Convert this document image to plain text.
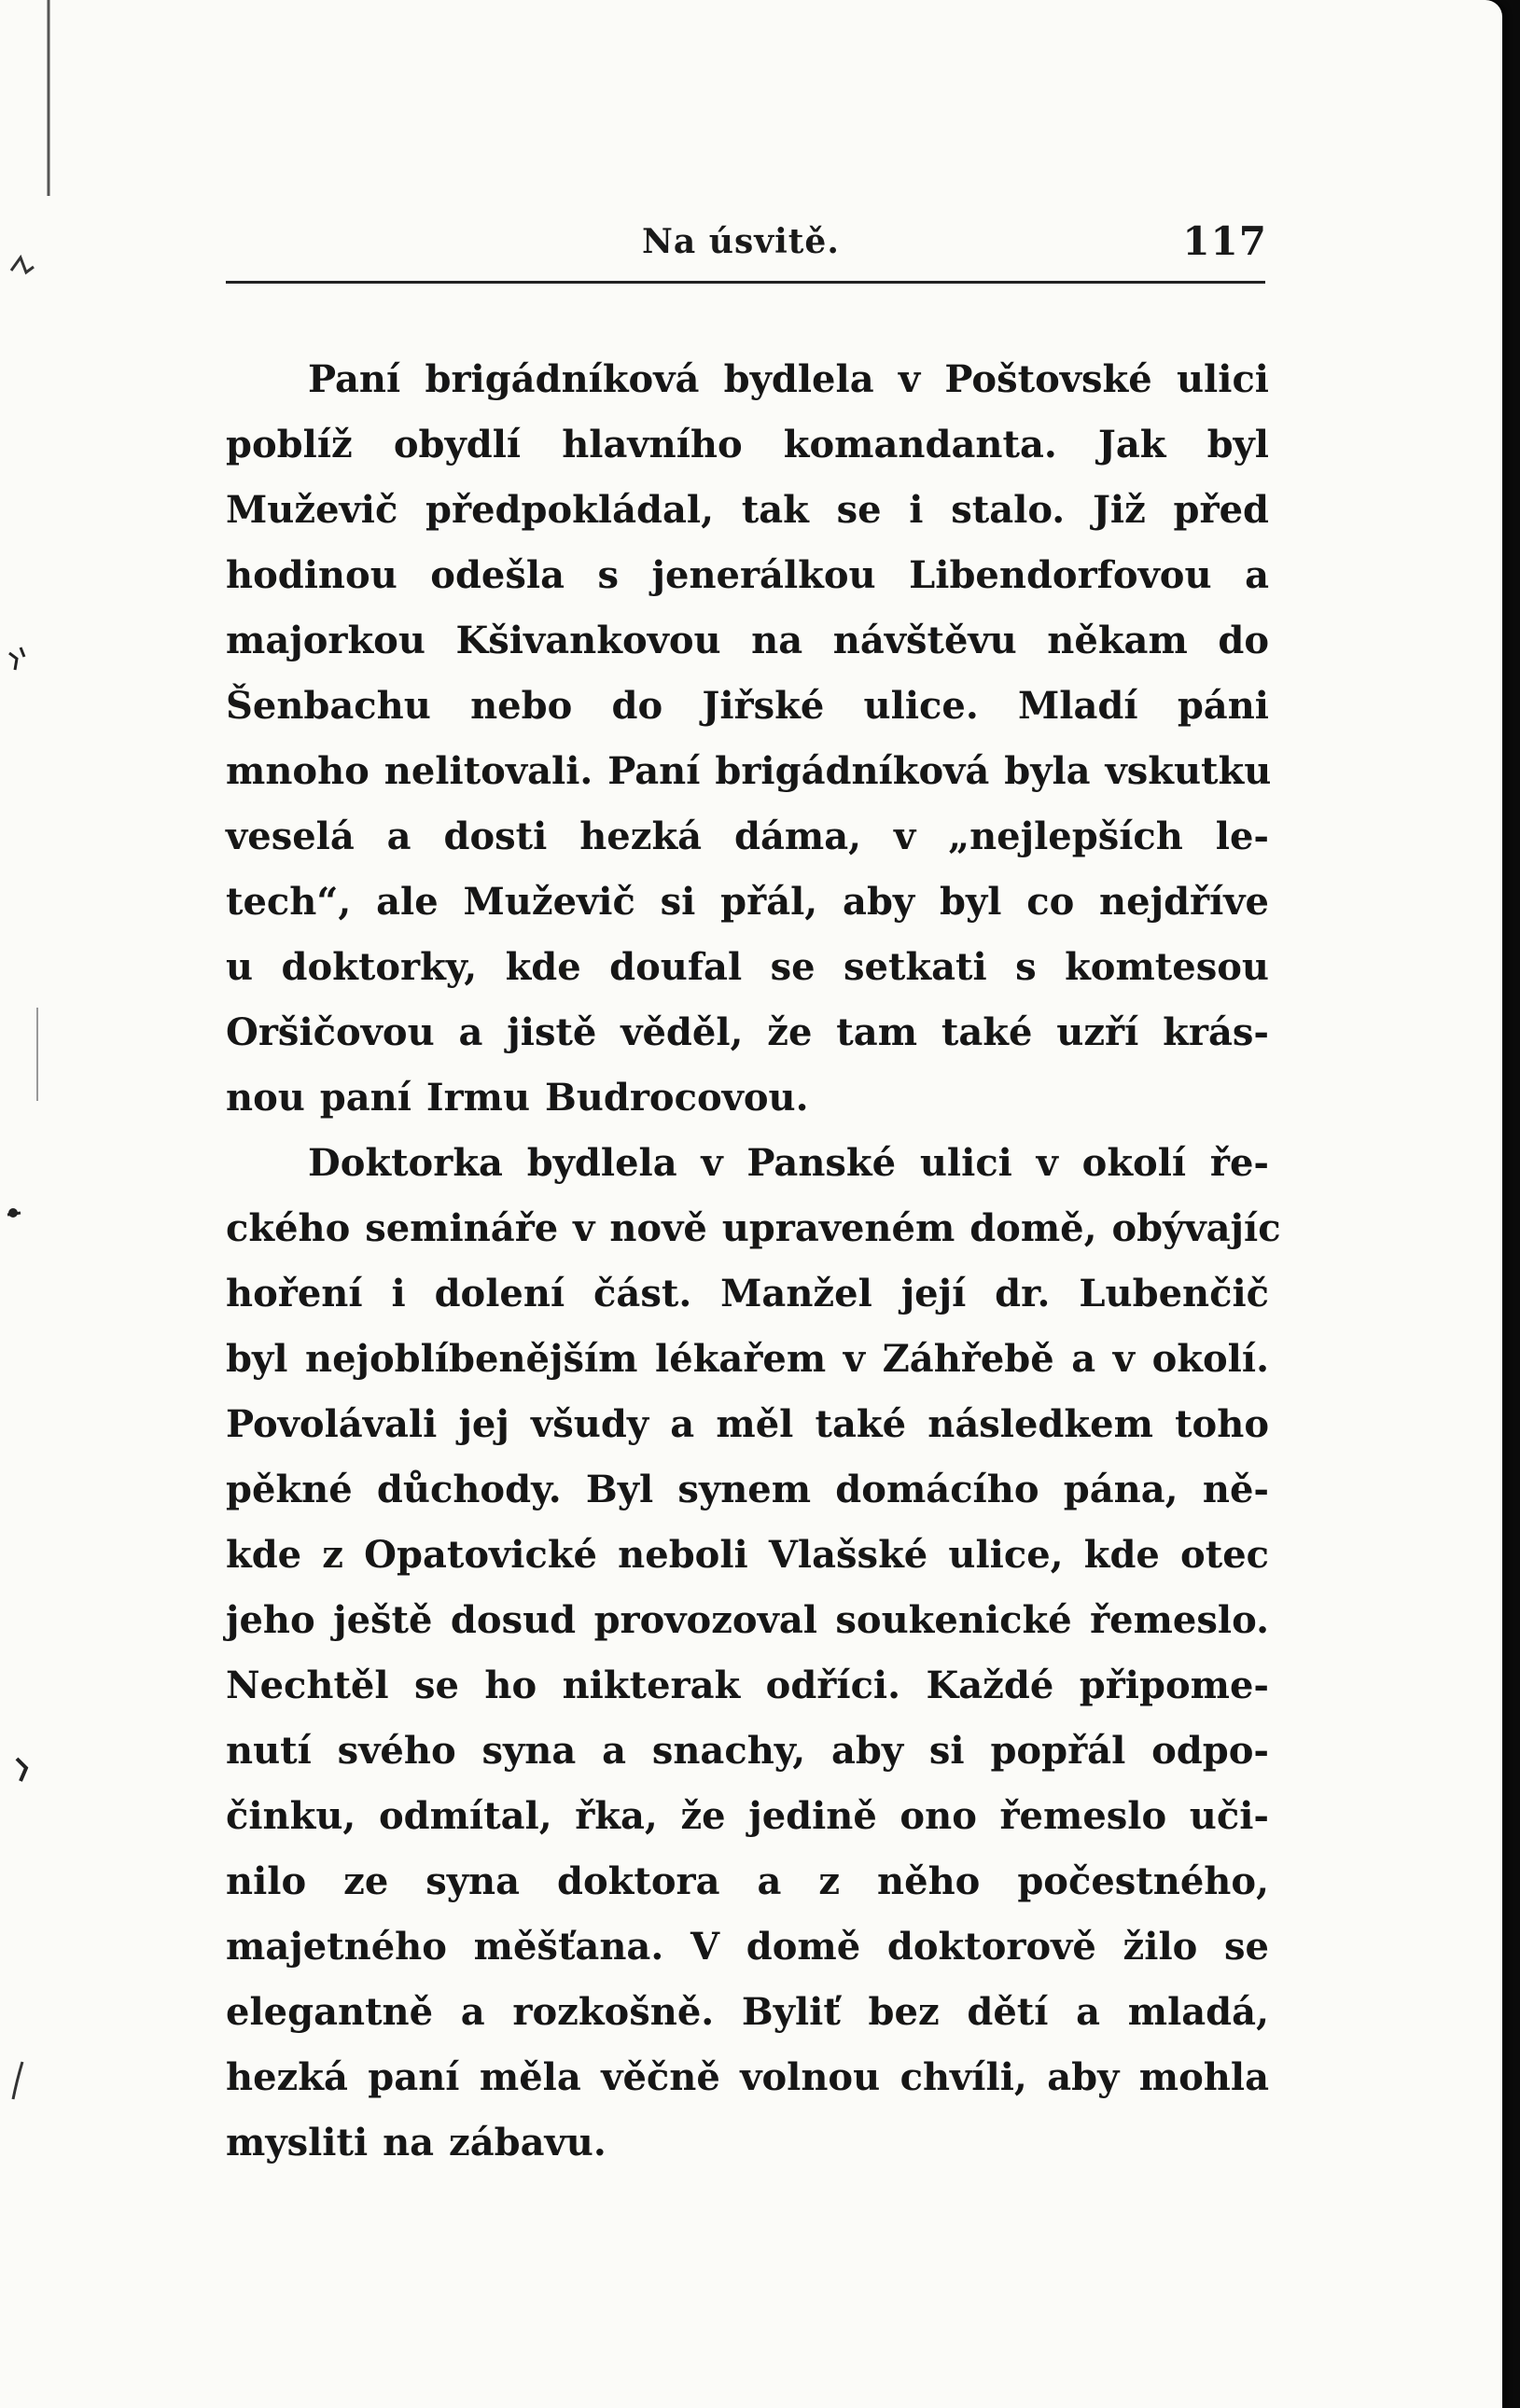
Na úsvitě.	117
Paní brigádníková bydlela v Poštovské ulici
poblíž obydlí hlavního komandanta. Jak byl
Muževič předpokládal, tak se i stalo. Již před
hodinou odešla s jenerálkou Libendorfovou a
majorkou Kšivankovou na návštěvu někam do
Šenbachu nebo do Jiřské ulice. Mladí páni
mnoho nelitovali. Paní brigádníková byla vskutku
veselá a dosti hezká dáma, v „nejlepších le-
tech“, ale Muževič si přál, aby byl co nejdříve
u doktorky, kde doufal se setkati s komtesou
Oršičovou a jistě věděl, že tam také uzří krás-
nou paní Irmu Budrocovou.
Doktorka bydlela v Panské ulici v okolí ře-
ckého semináře v nově upraveném domě, obývajíc
hoření i dolení část. Manžel její dr. Lubenčič
byl nejoblíbenějším lékařem v Záhřebě a v okolí.
Povolávali jej všudy a měl také následkem toho
pěkné důchody. Byl synem domácího pána, ně-
kde z Opatovické neboli Vlašské ulice, kde otec
jeho ještě dosud provozoval soukenické řemeslo.
Nechtěl se ho nikterak odříci. Každé připome-
nutí svého syna a snachy, aby si popřál odpo-
činku, odmítal, řka, že jedině ono řemeslo uči-
nilo ze syna doktora a z něho počestného,
majetného měšťana. V domě doktorově žilo se
elegantně a rozkošně. Byliť bez dětí a mladá,
hezká paní měla věčně volnou chvíli, aby mohla
mysliti na zábavu.
